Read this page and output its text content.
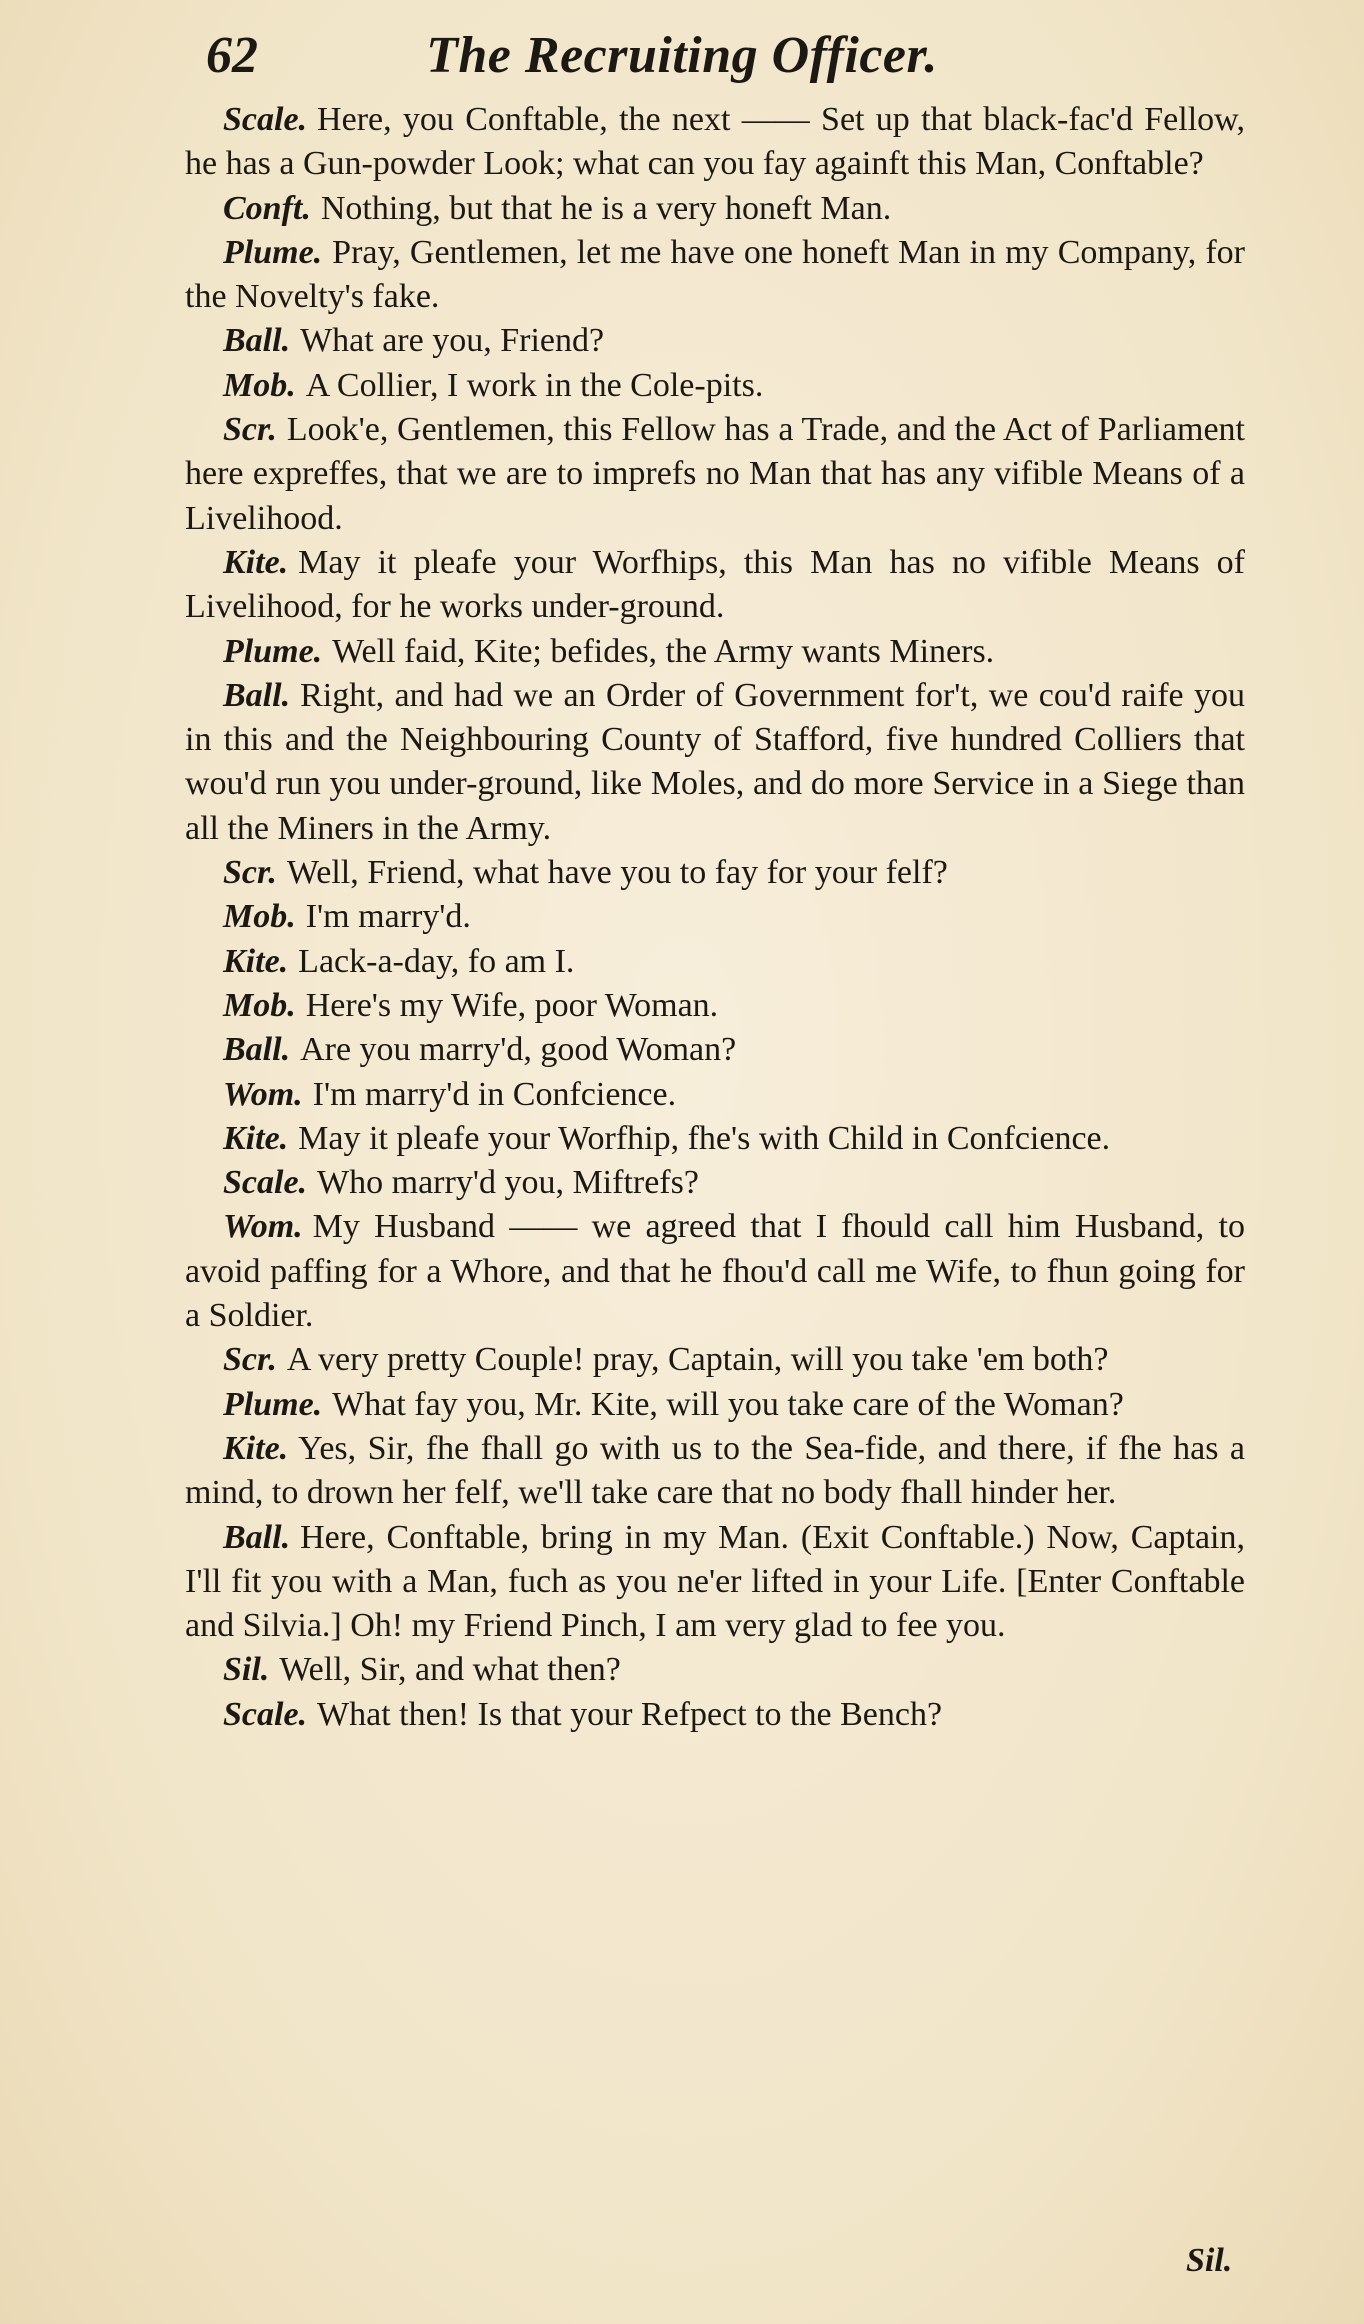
62	The Recruiting Officer.

Scale. Here, you Conftable, the next —— Set up that black-fac'd Fellow, he has a Gun-powder Look; what can you fay againft this Man, Conftable?

Conft. Nothing, but that he is a very honeft Man.

Plume. Pray, Gentlemen, let me have one honeft Man in my Company, for the Novelty's fake.

Ball. What are you, Friend?

Mob. A Collier, I work in the Cole-pits.

Scr. Look'e, Gentlemen, this Fellow has a Trade, and the Act of Parliament here expreffes, that we are to imprefs no Man that has any vifible Means of a Livelihood.

Kite. May it pleafe your Worfhips, this Man has no vifible Means of Livelihood, for he works under-ground.

Plume. Well faid, Kite; befides, the Army wants Miners.

Ball. Right, and had we an Order of Government for't, we cou'd raife you in this and the Neighbouring County of Stafford, five hundred Colliers that wou'd run you under-ground, like Moles, and do more Service in a Siege than all the Miners in the Army.

Scr. Well, Friend, what have you to fay for your felf?

Mob. I'm marry'd.

Kite. Lack-a-day, fo am I.

Mob. Here's my Wife, poor Woman.

Ball. Are you marry'd, good Woman?

Wom. I'm marry'd in Confcience.

Kite. May it pleafe your Worfhip, fhe's with Child in Confcience.

Scale. Who marry'd you, Miftrefs?

Wom. My Husband —— we agreed that I fhould call him Husband, to avoid paffing for a Whore, and that he fhou'd call me Wife, to fhun going for a Soldier.

Scr. A very pretty Couple! pray, Captain, will you take 'em both?

Plume. What fay you, Mr. Kite, will you take care of the Woman?

Kite. Yes, Sir, fhe fhall go with us to the Sea-fide, and there, if fhe has a mind, to drown her felf, we'll take care that no body fhall hinder her.

Ball. Here, Conftable, bring in my Man. (Exit Conftable.) Now, Captain, I'll fit you with a Man, fuch as you ne'er lifted in your Life. [Enter Conftable and Silvia.] Oh! my Friend Pinch, I am very glad to fee you.

Sil. Well, Sir, and what then?

Scale. What then! Is that your Refpect to the Bench?

Sil.
